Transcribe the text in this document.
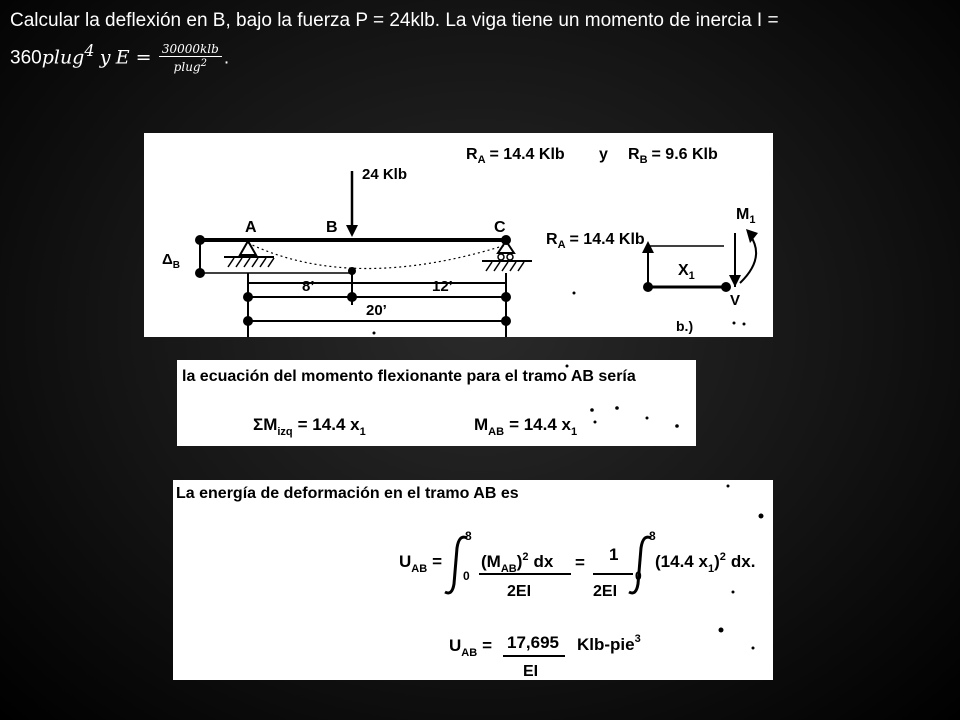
Calcular la deflexión en B, bajo la fuerza P = 24klb. La viga tiene un momento de inercia I =
360plug$^4$ y $E = \frac{\text{30000klb}}{plug^2}$ .
$R_A = 14.4$ Klb y $R_B = 9.6$ Klb
24 Klb
A	B	C
$\Delta_B$
8’	12’
20’
$R_A = 14.4$ Klb
$X_1$
$M_1$
V
b.)
la ecuación del momento flexionante para el tramo AB sería
$\Sigma M_{izq} = 14.4$ $x_1$	$M_{AB} = 14.4$ $x_1$
La energía de deformación en el tramo AB es
$U_{AB}$ =
8
0
$(M_{AB})^2$ dx
2EI
= 1
2EI
8
0
(14.4 $x_1)^2$ dx.
$U_{AB} = 17,695$
EI
Klb-pie$^3$
